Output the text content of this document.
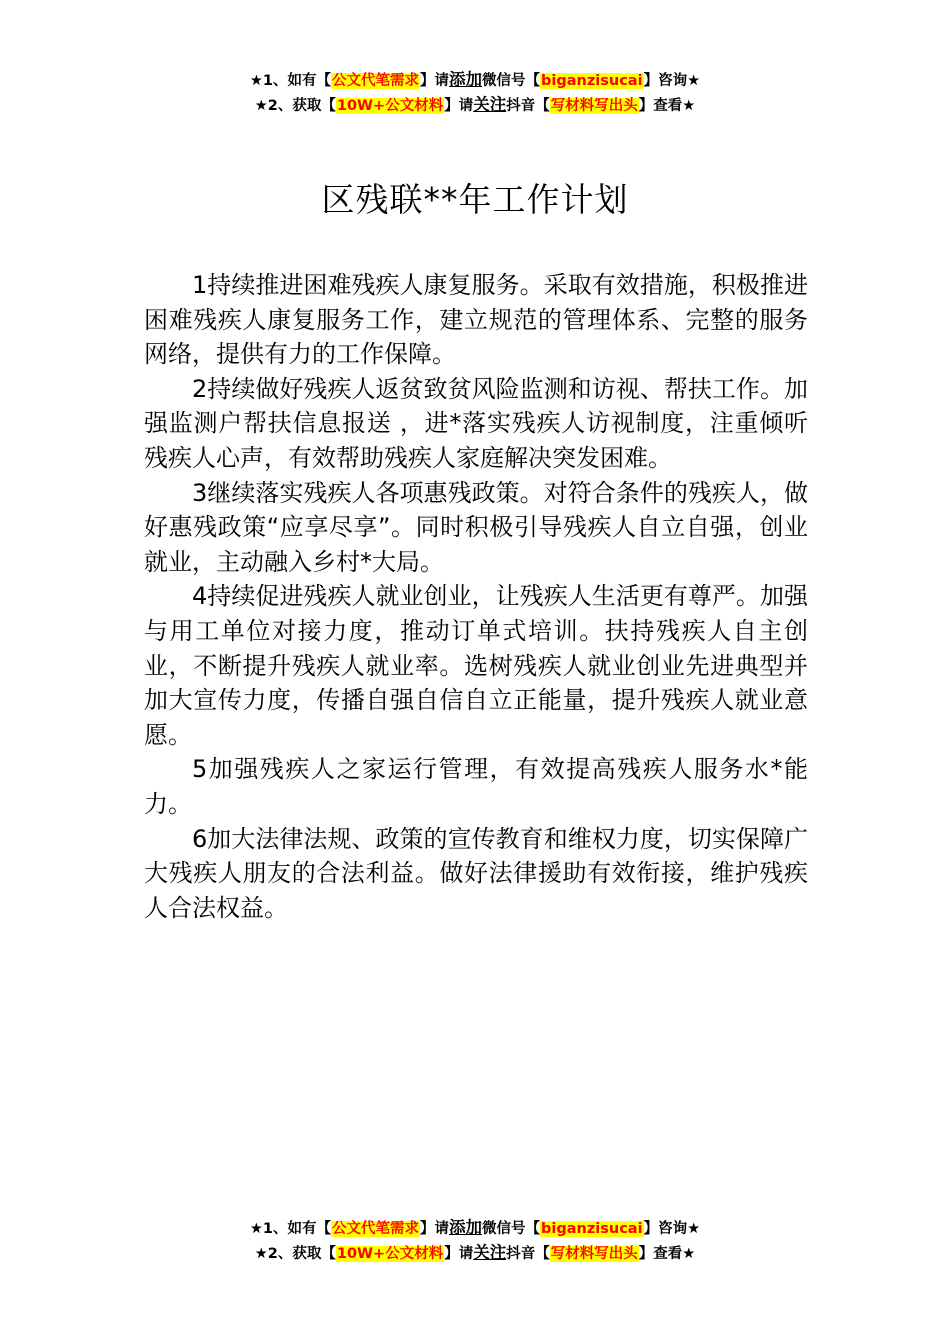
★1、如有【公文代笔需求】请添加微信号【biganzisucai】咨询★
★2、获取【10W+公文材料】请关注抖音【写材料写出头】查看★
区残联**年工作计划

1持续推进困难残疾人康复服务。采取有效措施，积极推进困难残疾人康复服务工作，建立规范的管理体系、完整的服务网络，提供有力的工作保障。

2持续做好残疾人返贫致贫风险监测和访视、帮扶工作。加强监测户帮扶信息报送 ，进*落实残疾人访视制度，注重倾听残疾人心声，有效帮助残疾人家庭解决突发困难。

3继续落实残疾人各项惠残政策。对符合条件的残疾人，做好惠残政策“应享尽享”。同时积极引导残疾人自立自强，创业就业，主动融入乡村*大局。

4持续促进残疾人就业创业，让残疾人生活更有尊严。加强与用工单位对接力度，推动订单式培训。扶持残疾人自主创业，不断提升残疾人就业率。选树残疾人就业创业先进典型并加大宣传力度，传播自强自信自立正能量，提升残疾人就业意愿。

5加强残疾人之家运行管理，有效提高残疾人服务水*能力。

6加大法律法规、政策的宣传教育和维权力度，切实保障广大残疾人朋友的合法利益。做好法律援助有效衔接，维护残疾人合法权益。

★1、如有【公文代笔需求】请添加微信号【biganzisucai】咨询★
★2、获取【10W+公文材料】请关注抖音【写材料写出头】查看★
